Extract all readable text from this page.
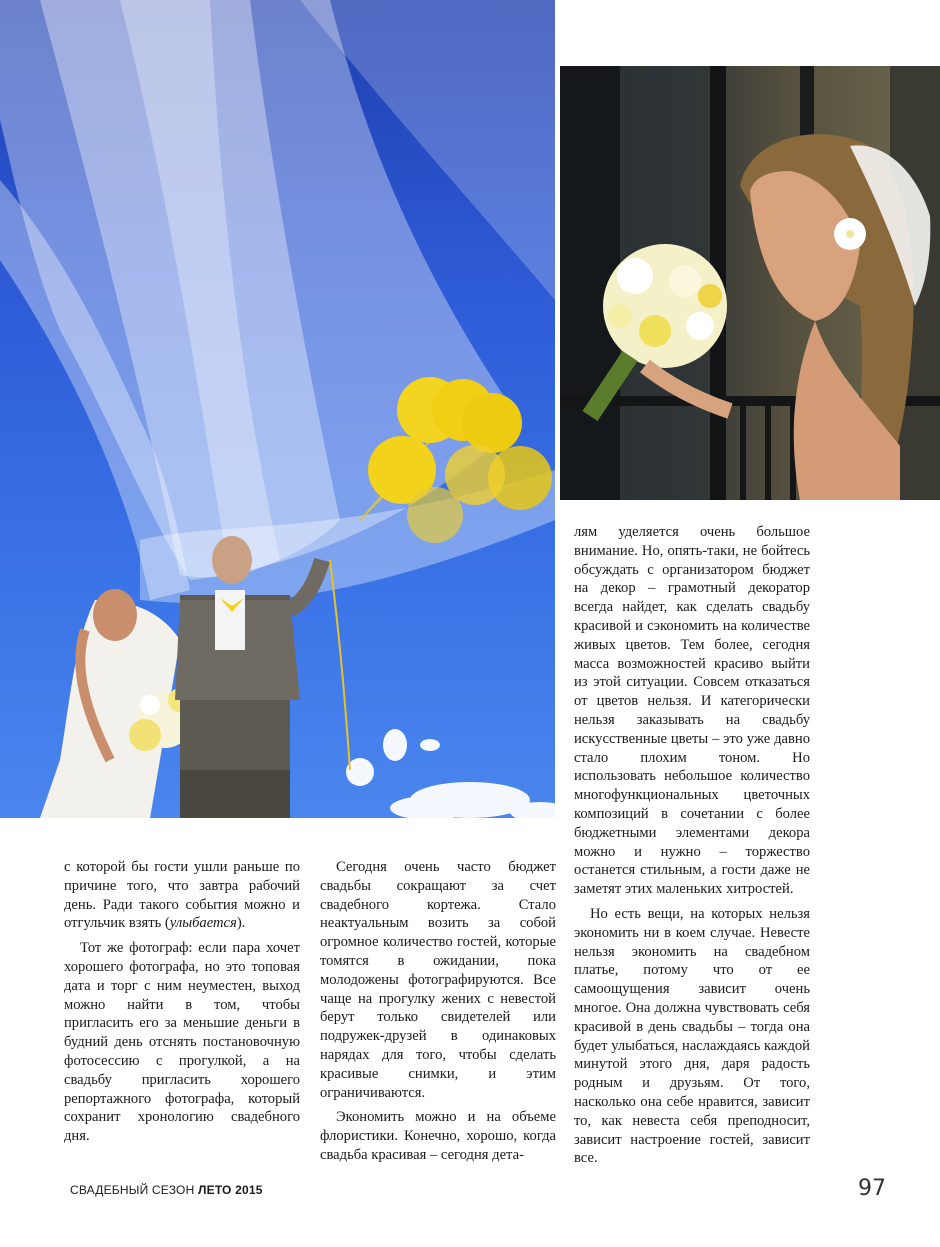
с которой бы гости ушли раньше по причине того, что завтра рабочий день. Ради такого события можно и отгульчик взять (улыбается).

Тот же фотограф: если пара хочет хорошего фотографа, но это топовая дата и торг с ним неуместен, выход можно найти в том, чтобы пригласить его за меньшие деньги в будний день отснять постановочную фотосессию с прогулкой, а на свадьбу пригласить хорошего репортажного фотографа, который сохранит хронологию свадебного дня.

Сегодня очень часто бюджет свадьбы сокращают за счет свадебного кортежа. Стало неактуальным возить за собой огромное количество гостей, которые томятся в ожидании, пока молодожены фотографируются. Все чаще на прогулку жених с невестой берут только свидетелей или подружек-друзей в одинаковых нарядах для того, чтобы сделать красивые снимки, и этим ограничиваются.

Экономить можно и на объеме флористики. Конечно, хорошо, когда свадьба красивая – сегодня дета-

лям уделяется очень большое внимание. Но, опять-таки, не бойтесь обсуждать с организатором бюджет на декор – грамотный декоратор всегда найдет, как сделать свадьбу красивой и сэкономить на количестве живых цветов. Тем более, сегодня масса возможностей красиво выйти из этой ситуации. Совсем отказаться от цветов нельзя. И категорически нельзя заказывать на свадьбу искусственные цветы – это уже давно стало плохим тоном. Но использовать небольшое количество многофункциональных цветочных композиций в сочетании с более бюджетными элементами декора можно и нужно – торжество останется стильным, а гости даже не заметят этих маленьких хитростей.

Но есть вещи, на которых нельзя экономить ни в коем случае. Невесте нельзя экономить на свадебном платье, потому что от ее самоощущения зависит очень многое. Она должна чувствовать себя красивой в день свадьбы – тогда она будет улыбаться, наслаждаясь каждой минутой этого дня, даря радость родным и друзьям. От того, насколько она себе нравится, зависит то, как невеста себя преподносит, зависит настроение гостей, зависит все.

СВАДЕБНЫЙ СЕЗОН ЛЕТО 2015	97
